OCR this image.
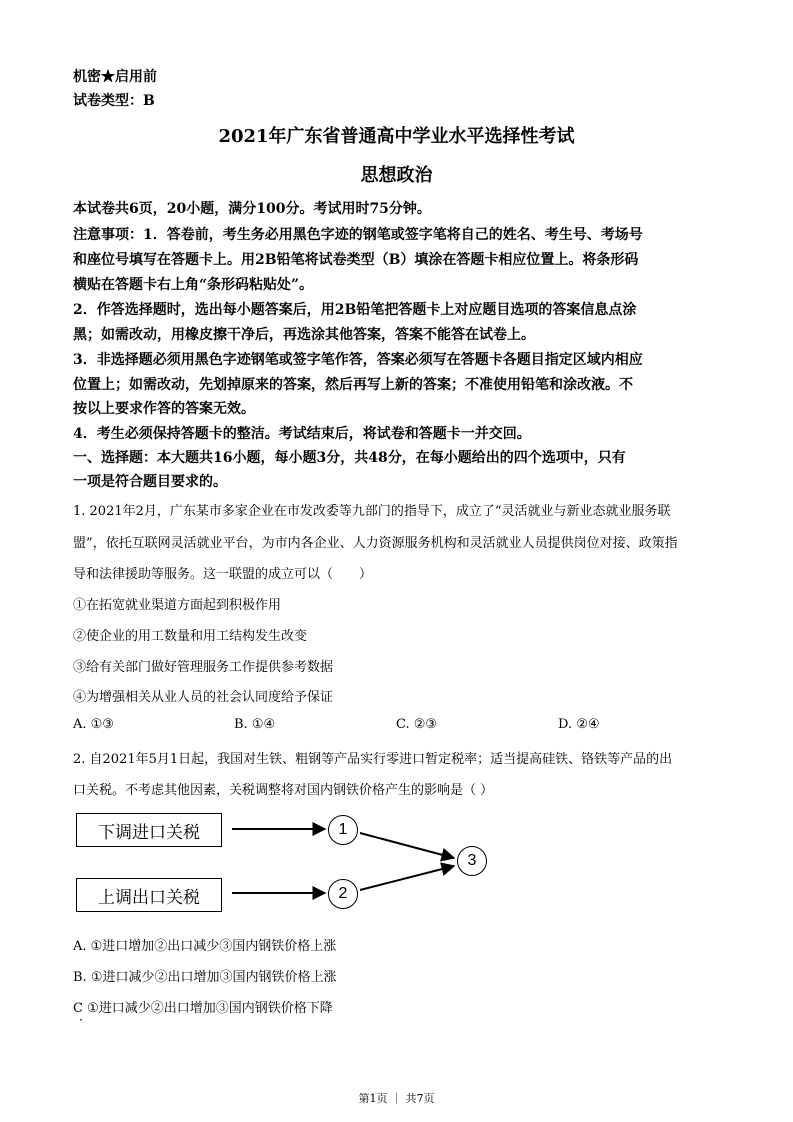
机密★启用前
试卷类型：B
2021年广东省普通高中学业水平选择性考试
思想政治
本试卷共6页，20小题，满分100分。考试用时75分钟。
注意事项：1．答卷前，考生务必用黑色字迹的钢笔或签字笔将自己的姓名、考生号、考场号
和座位号填写在答题卡上。用2B铅笔将试卷类型（B）填涂在答题卡相应位置上。将条形码
横贴在答题卡右上角“条形码粘贴处”。
2．作答选择题时，选出每小题答案后，用2B铅笔把答题卡上对应题目选项的答案信息点涂
黑；如需改动，用橡皮擦干净后，再选涂其他答案，答案不能答在试卷上。
3．非选择题必须用黑色字迹钢笔或签字笔作答，答案必须写在答题卡各题目指定区域内相应
位置上；如需改动，先划掉原来的答案，然后再写上新的答案；不准使用铅笔和涂改液。不
按以上要求作答的答案无效。
4．考生必须保持答题卡的整洁。考试结束后，将试卷和答题卡一并交回。
一、选择题：本大题共16小题，每小题3分，共48分，在每小题给出的四个选项中，只有
一项是符合题目要求的。
1. 2021年2月，广东某市多家企业在市发改委等九部门的指导下，成立了“灵活就业与新业态就业服务联
盟”，依托互联网灵活就业平台，为市内各企业、人力资源服务机构和灵活就业人员提供岗位对接、政策指
导和法律援助等服务。这一联盟的成立可以（　　）
①在拓宽就业渠道方面起到积极作用
②使企业的用工数量和用工结构发生改变
③给有关部门做好管理服务工作提供参考数据
④为增强相关从业人员的社会认同度给予保证
A. ①③	B. ①④	C. ②③	D. ②④
2. 自2021年5月1日起，我国对生铁、粗钢等产品实行零进口暂定税率；适当提高硅铁、铬铁等产品的出
口关税。不考虑其他因素，关税调整将对国内钢铁价格产生的影响是（ ）
下调进口关税
上调出口关税
1
2
3
A. ①进口增加②出口减少③国内钢铁价格上涨
B. ①进口减少②出口增加③国内钢铁价格上涨
C ①进口减少②出口增加③国内钢铁价格下降
·
第1页 ｜ 共7页
